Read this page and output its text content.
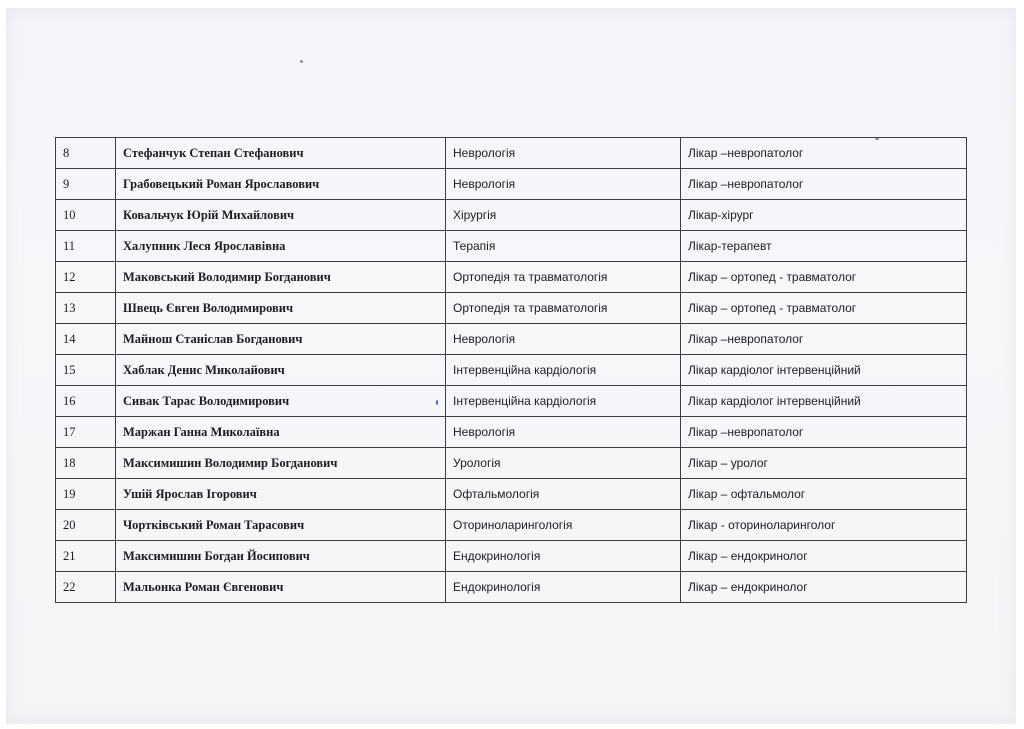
8	Стефанчук Степан Стефанович	Неврологія	Лікар –невропатолог
9	Грабовецький Роман Ярославович	Неврологія	Лікар –невропатолог
10	Ковальчук Юрій Михайлович	Хірургія	Лікар-хірург
11	Халупник Леся Ярославівна	Терапія	Лікар-терапевт
12	Маковський Володимир Богданович	Ортопедія та травматологія	Лікар – ортопед - травматолог
13	Швець Євген Володимирович	Ортопедія та травматологія	Лікар – ортопед - травматолог
14	Майнош Станіслав Богданович	Неврологія	Лікар –невропатолог
15	Хаблак Денис Миколайович	Інтервенційна кардіологія	Лікар кардіолог інтервенційний
16	Сивак Тарас Володимирович	Інтервенційна кардіологія	Лікар кардіолог інтервенційний
17	Маржан Ганна Миколаївна	Неврологія	Лікар –невропатолог
18	Максимишин Володимир Богданович	Урологія	Лікар – уролог
19	Ушій Ярослав Ігорович	Офтальмологія	Лікар – офтальмолог
20	Чортківський Роман Тарасович	Оториноларингологія	Лікар - оториноларинголог
21	Максимишин Богдан Йосипович	Ендокринологія	Лікар – ендокринолог
22	Мальонка Роман Євгенович	Ендокринологія	Лікар – ендокринолог
